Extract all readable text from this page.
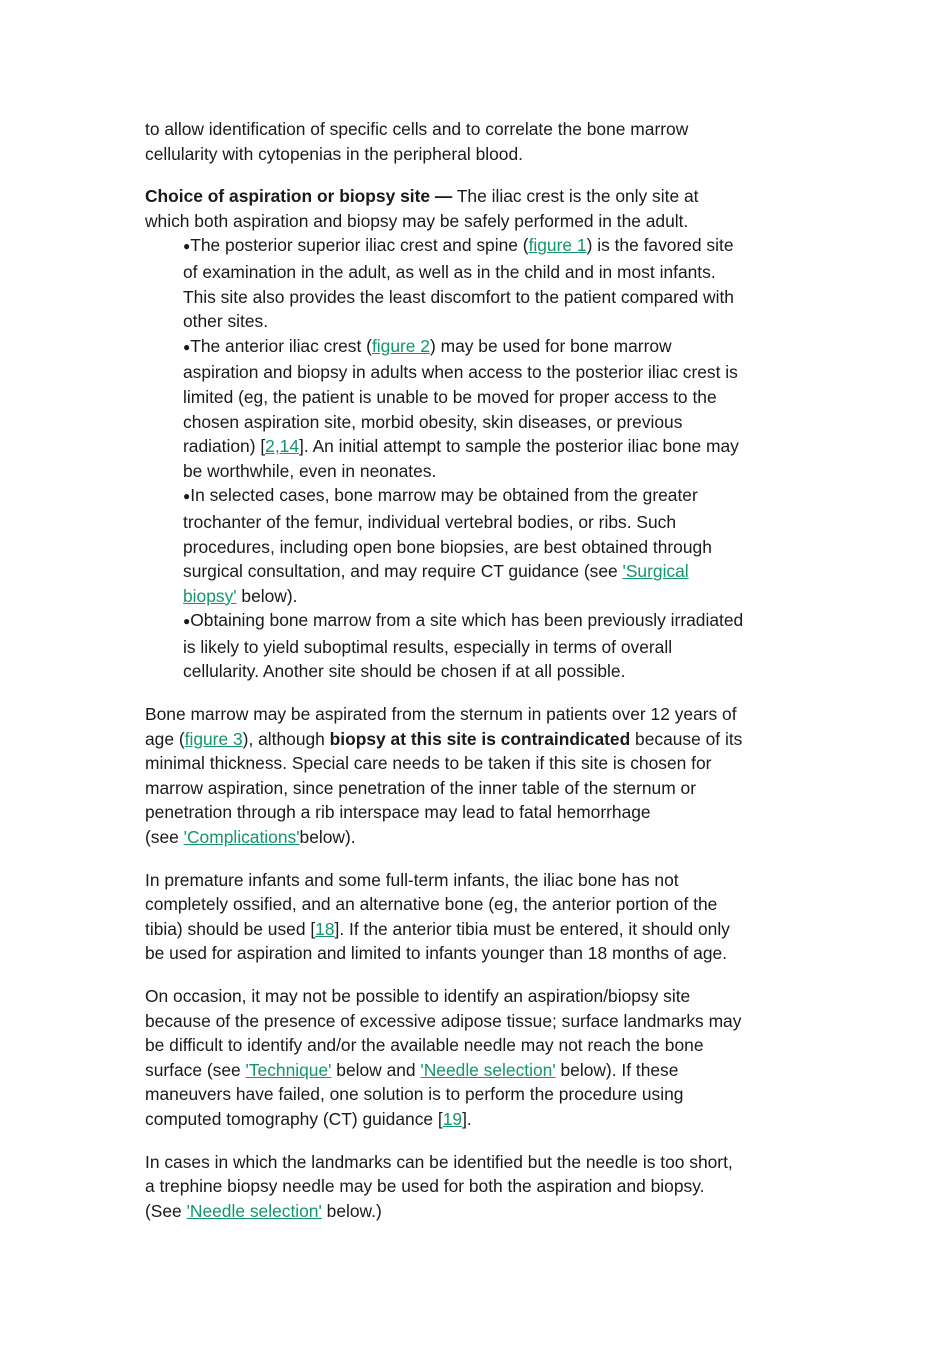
to allow identification of specific cells and to correlate the bone marrow
cellularity with cytopenias in the peripheral blood.
Choice of aspiration or biopsy site — The iliac crest is the only site at
which both aspiration and biopsy may be safely performed in the adult.
●The posterior superior iliac crest and spine (figure 1) is the favored site
of examination in the adult, as well as in the child and in most infants.
This site also provides the least discomfort to the patient compared with
other sites.
●The anterior iliac crest (figure 2) may be used for bone marrow
aspiration and biopsy in adults when access to the posterior iliac crest is
limited (eg, the patient is unable to be moved for proper access to the
chosen aspiration site, morbid obesity, skin diseases, or previous
radiation) [2,14]. An initial attempt to sample the posterior iliac bone may
be worthwhile, even in neonates.
●In selected cases, bone marrow may be obtained from the greater
trochanter of the femur, individual vertebral bodies, or ribs. Such
procedures, including open bone biopsies, are best obtained through
surgical consultation, and may require CT guidance (see 'Surgical
biopsy' below).
●Obtaining bone marrow from a site which has been previously irradiated
is likely to yield suboptimal results, especially in terms of overall
cellularity. Another site should be chosen if at all possible.
Bone marrow may be aspirated from the sternum in patients over 12 years of
age (figure 3), although biopsy at this site is contraindicated because of its
minimal thickness. Special care needs to be taken if this site is chosen for
marrow aspiration, since penetration of the inner table of the sternum or
penetration through a rib interspace may lead to fatal hemorrhage
(see 'Complications'below).
In premature infants and some full-term infants, the iliac bone has not
completely ossified, and an alternative bone (eg, the anterior portion of the
tibia) should be used [18]. If the anterior tibia must be entered, it should only
be used for aspiration and limited to infants younger than 18 months of age.
On occasion, it may not be possible to identify an aspiration/biopsy site
because of the presence of excessive adipose tissue; surface landmarks may
be difficult to identify and/or the available needle may not reach the bone
surface (see 'Technique' below and 'Needle selection' below). If these
maneuvers have failed, one solution is to perform the procedure using
computed tomography (CT) guidance [19].
In cases in which the landmarks can be identified but the needle is too short,
a trephine biopsy needle may be used for both the aspiration and biopsy.
(See 'Needle selection' below.)
